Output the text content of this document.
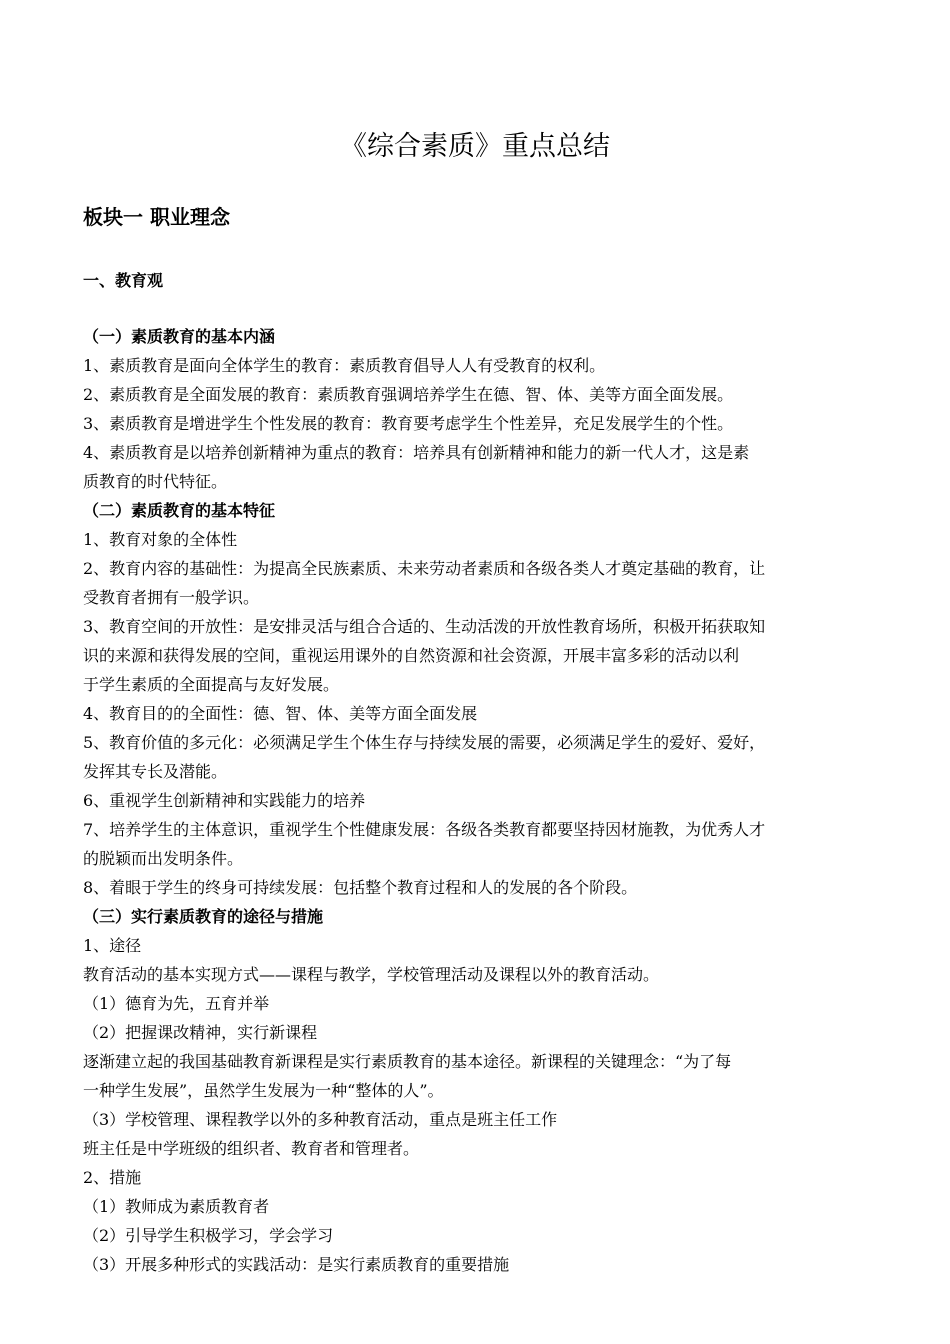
《综合素质》重点总结
板块一 职业理念
一、教育观
（一）素质教育的基本内涵
1、素质教育是面向全体学生的教育：素质教育倡导人人有受教育的权利。
2、素质教育是全面发展的教育：素质教育强调培养学生在德、智、体、美等方面全面发展。
3、素质教育是增进学生个性发展的教育：教育要考虑学生个性差异，充足发展学生的个性。
4、素质教育是以培养创新精神为重点的教育：培养具有创新精神和能力的新一代人才，这是素
质教育的时代特征。
（二）素质教育的基本特征
1、教育对象的全体性
2、教育内容的基础性：为提高全民族素质、未来劳动者素质和各级各类人才奠定基础的教育，让
受教育者拥有一般学识。
3、教育空间的开放性：是安排灵活与组合合适的、生动活泼的开放性教育场所，积极开拓获取知
识的来源和获得发展的空间，重视运用课外的自然资源和社会资源，开展丰富多彩的活动以利
于学生素质的全面提高与友好发展。
4、教育目的的全面性：德、智、体、美等方面全面发展
5、教育价值的多元化：必须满足学生个体生存与持续发展的需要，必须满足学生的爱好、爱好，
发挥其专长及潜能。
6、重视学生创新精神和实践能力的培养
7、培养学生的主体意识，重视学生个性健康发展：各级各类教育都要坚持因材施教，为优秀人才
的脱颖而出发明条件。
8、着眼于学生的终身可持续发展：包括整个教育过程和人的发展的各个阶段。
（三）实行素质教育的途径与措施
1、途径
教育活动的基本实现方式——课程与教学，学校管理活动及课程以外的教育活动。
（1）德育为先，五育并举
（2）把握课改精神，实行新课程
逐渐建立起的我国基础教育新课程是实行素质教育的基本途径。新课程的关键理念：“为了每
一种学生发展”，虽然学生发展为一种“整体的人”。
（3）学校管理、课程教学以外的多种教育活动，重点是班主任工作
班主任是中学班级的组织者、教育者和管理者。
2、措施
（1）教师成为素质教育者
（2）引导学生积极学习，学会学习
（3）开展多种形式的实践活动：是实行素质教育的重要措施
